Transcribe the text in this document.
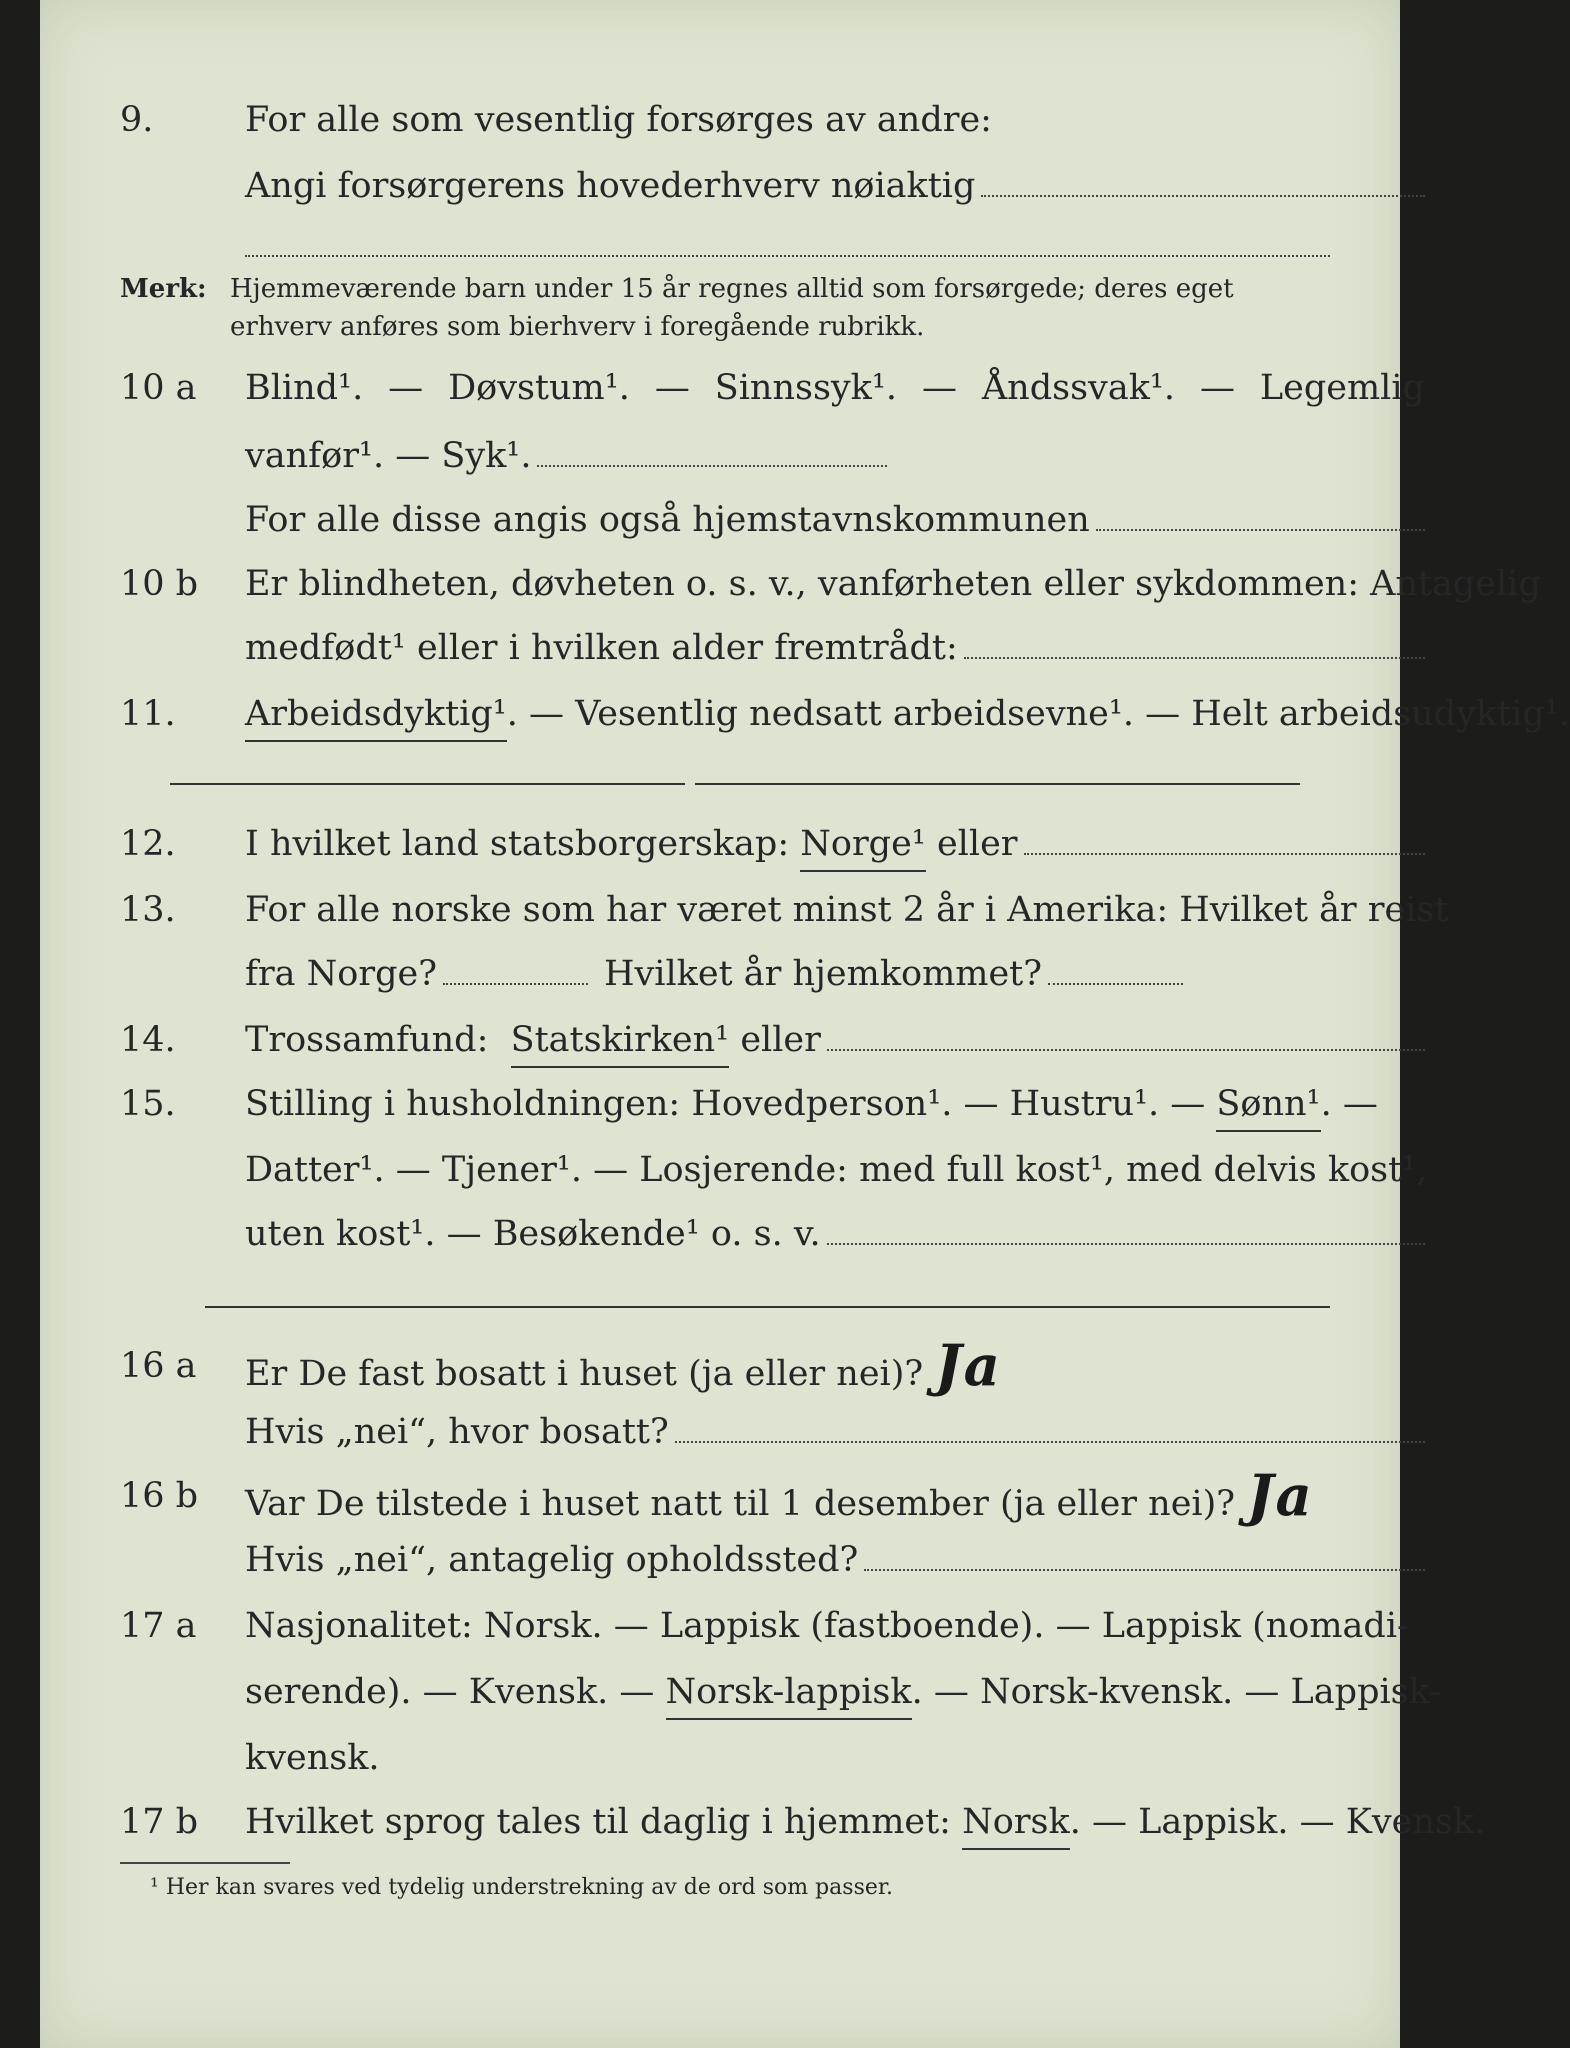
9.	For alle som vesentlig forsørges av andre:
Angi forsørgerens hovederhverv nøiaktig
Merk: Hjemmeværende barn under 15 år regnes alltid som forsørgede; deres eget erhverv anføres som bierhverv i foregående rubrikk.
10 a Blind¹. — Døvstum¹. — Sinnssyk¹. — Åndssvak¹. — Legemlig
vanfør¹. — Syk¹.
For alle disse angis også hjemstavnskommunen
10 b Er blindheten, døvheten o. s. v., vanførheten eller sykdommen: Antagelig
medfødt¹ eller i hvilken alder fremtrådt:
11.	Arbeidsdyktig¹ . — Vesentlig nedsatt arbeidsevne¹. — Helt arbeidsudyktig¹.
12.	I hvilket land statsborgerskap:
Norge¹
eller
13.	For alle norske som har været minst 2 år i Amerika: Hvilket år reist
fra Norge?	Hvilket år hjemkommet?
14.	Trossamfund:
Statskirken¹
eller
15.	Stilling i husholdningen: Hovedperson¹. — Hustru¹. —
Sønn¹ . —
Datter¹. — Tjener¹. — Losjerende: med full kost¹, med delvis kost¹,
uten kost¹. — Besøkende¹ o. s. v.
16 a Er De fast bosatt i huset (ja eller nei)? Ja
Hvis „nei“, hvor bosatt?
16 b Var De tilstede i huset natt til 1 desember (ja eller nei)? Ja
Hvis „nei“, antagelig opholdssted?
17 a Nasjonalitet: Norsk. — Lappisk (fastboende). — Lappisk (nomadi-
serende). — Kvensk. —
Norsk-lappisk . — Norsk-kvensk. — Lappisk-
kvensk.
17 b Hvilket sprog tales til daglig i hjemmet:
Norsk . — Lappisk. — Kvensk.
¹ Her kan svares ved tydelig understrekning av de ord som passer.
